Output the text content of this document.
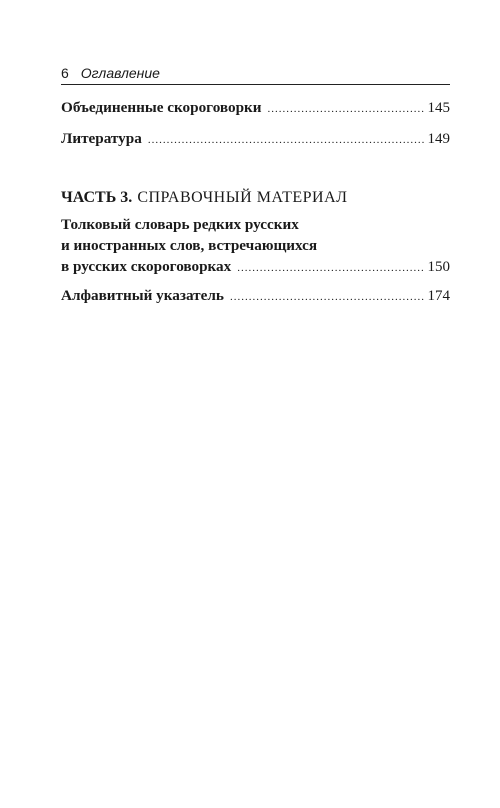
6 Оглавление
Объединенные скороговорки .....	145
Литература .....	149
ЧАСТЬ 3. СПРАВОЧНЫЙ МАТЕРИАЛ
Толковый словарь редких русских
и иностранных слов, встречающихся
в русских скороговорках .....	150
Алфавитный указатель .....	174
